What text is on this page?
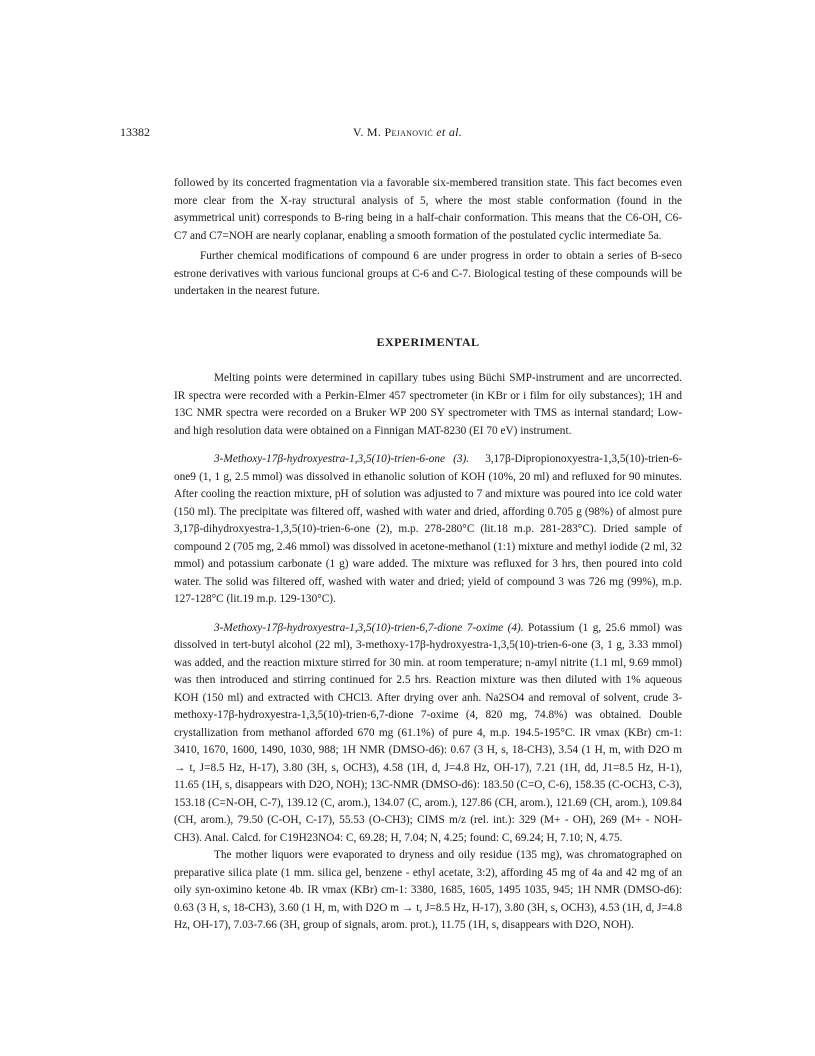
13382	V. M. Pejanović et al.

followed by its concerted fragmentation via a favorable six-membered transition state. This fact becomes even more clear from the X-ray structural analysis of 5, where the most stable conformation (found in the asymmetrical unit) corresponds to B-ring being in a half-chair conformation. This means that the C6-OH, C6-C7 and C7=NOH are nearly coplanar, enabling a smooth formation of the postulated cyclic intermediate 5a.

Further chemical modifications of compound 6 are under progress in order to obtain a series of B-seco estrone derivatives with various funcional groups at C-6 and C-7. Biological testing of these compounds will be undertaken in the nearest future.

EXPERIMENTAL

Melting points were determined in capillary tubes using Büchi SMP-instrument and are uncorrected. IR spectra were recorded with a Perkin-Elmer 457 spectrometer (in KBr or i film for oily substances); 1H and 13C NMR spectra were recorded on a Bruker WP 200 SY spectrometer with TMS as internal standard; Low- and high resolution data were obtained on a Finnigan MAT-8230 (EI 70 eV) instrument.

3-Methoxy-17β-hydroxyestra-1,3,5(10)-trien-6-one (3). 3,17β-Dipropionoxyestra-1,3,5(10)-trien-6-one9 (1, 1 g, 2.5 mmol) was dissolved in ethanolic solution of KOH (10%, 20 ml) and refluxed for 90 minutes. After cooling the reaction mixture, pH of solution was adjusted to 7 and mixture was poured into ice cold water (150 ml). The precipitate was filtered off, washed with water and dried, affording 0.705 g (98%) of almost pure 3,17β-dihydroxyestra-1,3,5(10)-trien-6-one (2), m.p. 278-280°C (lit.18 m.p. 281-283°C). Dried sample of compound 2 (705 mg, 2.46 mmol) was dissolved in acetone-methanol (1:1) mixture and methyl iodide (2 ml, 32 mmol) and potassium carbonate (1 g) ware added. The mixture was refluxed for 3 hrs, then poured into cold water. The solid was filtered off, washed with water and dried; yield of compound 3 was 726 mg (99%), m.p. 127-128°C (lit.19 m.p. 129-130°C).

3-Methoxy-17β-hydroxyestra-1,3,5(10)-trien-6,7-dione 7-oxime (4). Potassium (1 g, 25.6 mmol) was dissolved in tert-butyl alcohol (22 ml), 3-methoxy-17β-hydroxyestra-1,3,5(10)-trien-6-one (3, 1 g, 3.33 mmol) was added, and the reaction mixture stirred for 30 min. at room temperature; n-amyl nitrite (1.1 ml, 9.69 mmol) was then introduced and stirring continued for 2.5 hrs. Reaction mixture was then diluted with 1% aqueous KOH (150 ml) and extracted with CHCl3. After drying over anh. Na2SO4 and removal of solvent, crude 3-methoxy-17β-hydroxyestra-1,3,5(10)-trien-6,7-dione 7-oxime (4, 820 mg, 74.8%) was obtained. Double crystallization from methanol afforded 670 mg (61.1%) of pure 4, m.p. 194.5-195°C. IR νmax (KBr) cm-1: 3410, 1670, 1600, 1490, 1030, 988; 1H NMR (DMSO-d6): 0.67 (3 H, s, 18-CH3), 3.54 (1 H, m, with D2O m → t, J=8.5 Hz, H-17), 3.80 (3H, s, OCH3), 4.58 (1H, d, J=4.8 Hz, OH-17), 7.21 (1H, dd, J1=8.5 Hz, H-1), 11.65 (1H, s, disappears with D2O, NOH); 13C-NMR (DMSO-d6): 183.50 (C=O, C-6), 158.35 (C-OCH3, C-3), 153.18 (C=N-OH, C-7), 139.12 (C, arom.), 134.07 (C, arom.), 127.86 (CH, arom.), 121.69 (CH, arom.), 109.84 (CH, arom.), 79.50 (C-OH, C-17), 55.53 (O-CH3); CIMS m/z (rel. int.): 329 (M+ - OH), 269 (M+ - NOH-CH3). Anal. Calcd. for C19H23NO4: C, 69.28; H, 7.04; N, 4.25; found: C, 69.24; H, 7.10; N, 4.75.

The mother liquors were evaporated to dryness and oily residue (135 mg), was chromatographed on preparative silica plate (1 mm. silica gel, benzene - ethyl acetate, 3:2), affording 45 mg of 4a and 42 mg of an oily syn-oximino ketone 4b. IR νmax (KBr) cm-1: 3380, 1685, 1605, 1495 1035, 945; 1H NMR (DMSO-d6): 0.63 (3 H, s, 18-CH3), 3.60 (1 H, m, with D2O m → t, J=8.5 Hz, H-17), 3.80 (3H, s, OCH3), 4.53 (1H, d, J=4.8 Hz, OH-17), 7.03-7.66 (3H, group of signals, arom. prot.), 11.75 (1H, s, disappears with D2O, NOH).
